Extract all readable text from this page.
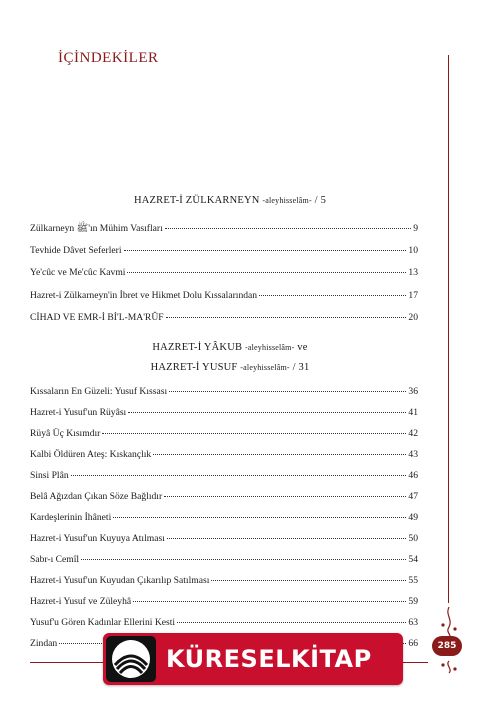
İÇİNDEKİLER
HAZRET-İ ZÜLKARNEYN -aleyhisselâm- / 5
Zülkarneyn ﷺ'ın Mühim Vasıfları	9
Tevhide Dâvet Seferleri	10
Ye'cûc ve Me'cûc Kavmi	13
Hazret-i Zülkarneyn'in İbret ve Hikmet Dolu Kıssalarından	17
CİHAD VE EMR-İ Bİ'L-MA'RÛF	20
HAZRET-İ YÂKUB -aleyhisselâm- ve
HAZRET-İ YUSUF -aleyhisselâm- / 31
Kıssaların En Güzeli: Yusuf Kıssası	36
Hazret-i Yusuf'un Rüyâsı	41
Rüyâ Üç Kısımdır	42
Kalbi Öldüren Ateş: Kıskançlık	43
Sinsi Plân	46
Belâ Ağızdan Çıkan Söze Bağlıdır	47
Kardeşlerinin İhâneti	49
Hazret-i Yusuf'un Kuyuya Atılması	50
Sabr-ı Cemîl	54
Hazret-i Yusuf'un Kuyudan Çıkarılıp Satılması	55
Hazret-i Yusuf ve Züleyhâ	59
Yusuf'u Gören Kadınlar Ellerini Kesti	63
Zindan	66	285
KÜRESELKİTAP
